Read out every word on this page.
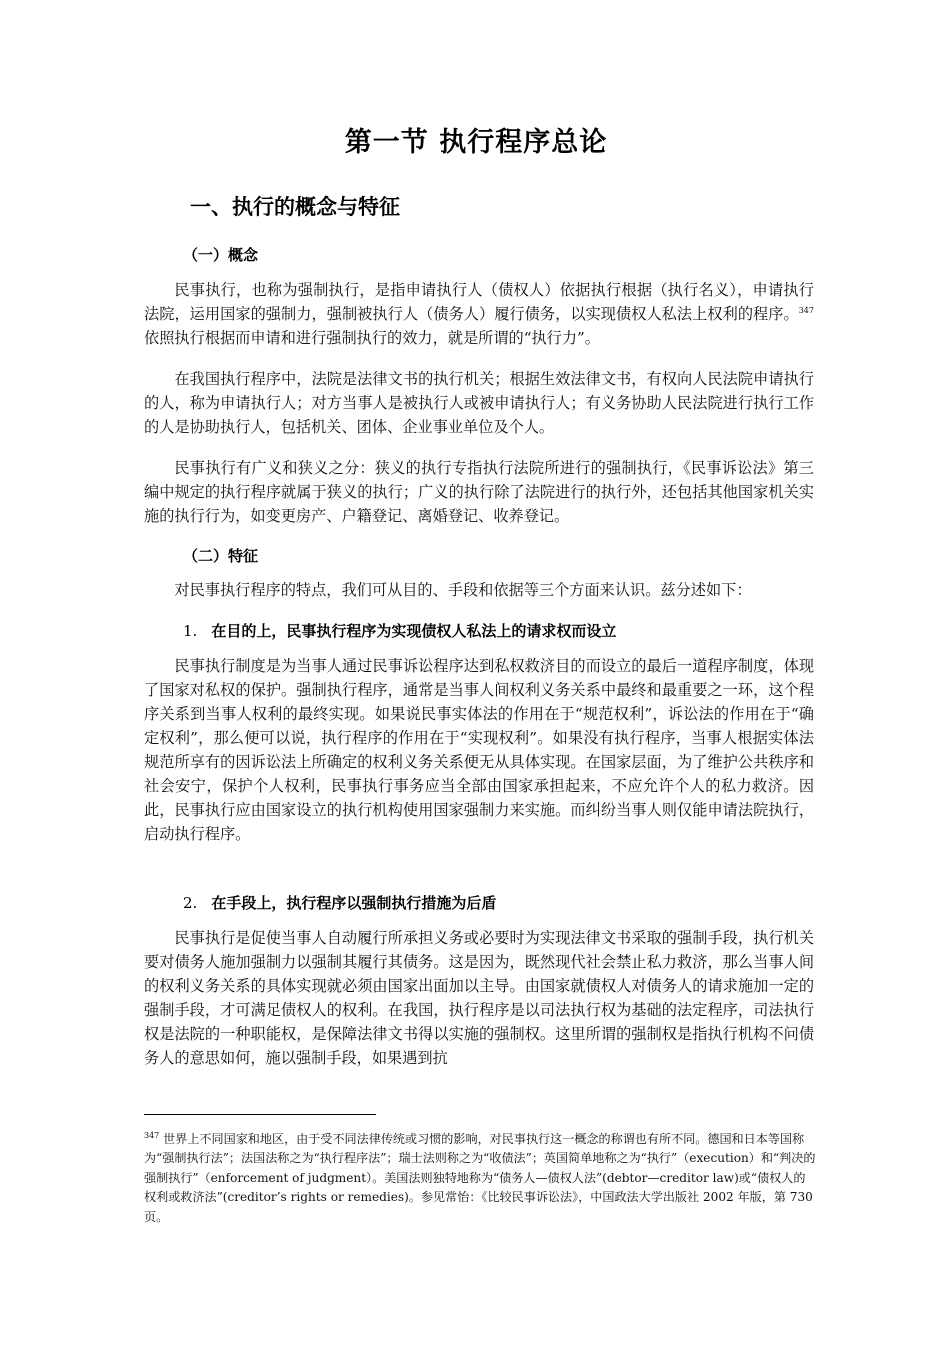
第一节 执行程序总论
一、执行的概念与特征
（一）概念

民事执行，也称为强制执行，是指申请执行人（债权人）依据执行根据（执行名义），申请执行法院，运用国家的强制力，强制被执行人（债务人）履行债务，以实现债权人私法上权利的程序。$^{347}$依照执行根据而申请和进行强制执行的效力，就是所谓的“执行力”。

在我国执行程序中，法院是法律文书的执行机关；根据生效法律文书，有权向人民法院申请执行的人，称为申请执行人；对方当事人是被执行人或被申请执行人；有义务协助人民法院进行执行工作的人是协助执行人，包括机关、团体、企业事业单位及个人。

民事执行有广义和狭义之分：狭义的执行专指执行法院所进行的强制执行，《民事诉讼法》第三编中规定的执行程序就属于狭义的执行；广义的执行除了法院进行的执行外，还包括其他国家机关实施的执行行为，如变更房产、户籍登记、离婚登记、收养登记。

（二）特征

对民事执行程序的特点，我们可从目的、手段和依据等三个方面来认识。兹分述如下：

1. 在目的上，民事执行程序为实现债权人私法上的请求权而设立

民事执行制度是为当事人通过民事诉讼程序达到私权救济目的而设立的最后一道程序制度，体现了国家对私权的保护。强制执行程序，通常是当事人间权利义务关系中最终和最重要之一环，这个程序关系到当事人权利的最终实现。如果说民事实体法的作用在于“规范权利”，诉讼法的作用在于“确定权利”，那么便可以说，执行程序的作用在于“实现权利”。如果没有执行程序，当事人根据实体法规范所享有的因诉讼法上所确定的权利义务关系便无从具体实现。在国家层面，为了维护公共秩序和社会安宁，保护个人权利，民事执行事务应当全部由国家承担起来，不应允许个人的私力救济。因此，民事执行应由国家设立的执行机构使用国家强制力来实施。而纠纷当事人则仅能申请法院执行，启动执行程序。

2. 在手段上，执行程序以强制执行措施为后盾

民事执行是促使当事人自动履行所承担义务或必要时为实现法律文书采取的强制手段，执行机关要对债务人施加强制力以强制其履行其债务。这是因为，既然现代社会禁止私力救济，那么当事人间的权利义务关系的具体实现就必须由国家出面加以主导。由国家就债权人对债务人的请求施加一定的强制手段，才可满足债权人的权利。在我国，执行程序是以司法执行权为基础的法定程序，司法执行权是法院的一种职能权，是保障法律文书得以实施的强制权。这里所谓的强制权是指执行机构不问债务人的意思如何，施以强制手段，如果遇到抗

$^{347}$ 世界上不同国家和地区，由于受不同法律传统或习惯的影响，对民事执行这一概念的称谓也有所不同。德国和日本等国称为“强制执行法”；法国法称之为“执行程序法”；瑞士法则称之为“收债法”；英国简单地称之为“执行”（execution）和“判决的强制执行”（enforcement of judgment）。美国法则独特地称为“债务人—债权人法”(debtor—creditor law)或“债权人的权利或救济法”(creditor’s rights or remedies)。参见常怡：《比较民事诉讼法》，中国政法大学出版社 2002 年版，第 730 页。
